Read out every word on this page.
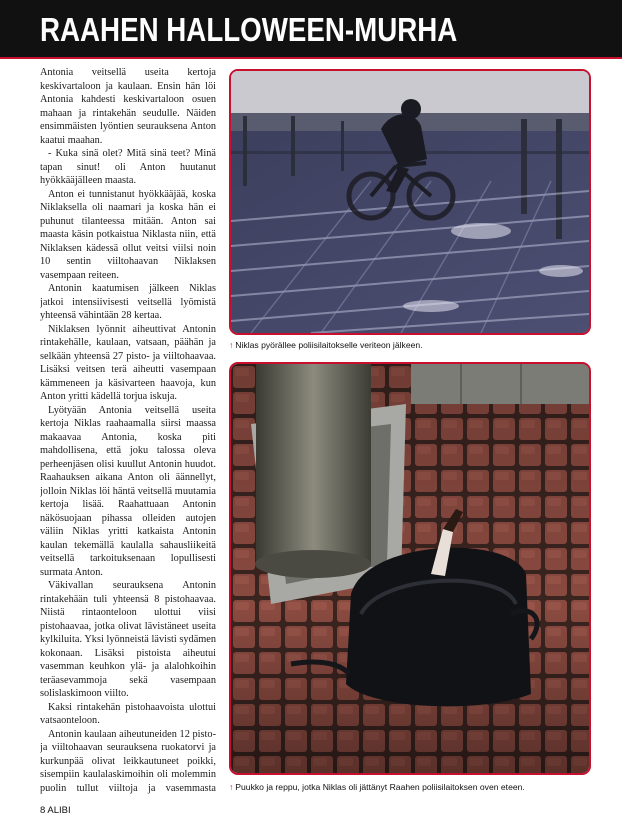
RAAHEN HALLOWEEN-MURHA

Antonia veitsellä useita kertoja keskivartaloon ja kaulaan. Ensin hän löi Antonia kahdesti keskivartaloon osuen mahaan ja rintakehän seudulle. Näiden ensimmäisten lyöntien seurauksena Anton kaatui maahan.

- Kuka sinä olet? Mitä sinä teet? Minä tapan sinut! oli Anton huutanut hyökkääjälleen maasta.

Anton ei tunnistanut hyökkääjää, koska Niklaksella oli naamari ja koska hän ei puhunut tilanteessa mitään. Anton sai maasta käsin potkaistua Niklasta niin, että Niklaksen kädessä ollut veitsi viilsi noin 10 sentin viiltohaavan Niklaksen vasempaan reiteen.

Antonin kaatumisen jälkeen Niklas jatkoi intensiivisesti veitsellä lyömistä yhteensä vähintään 28 kertaa.

Niklaksen lyönnit aiheuttivat Antonin rintakehälle, kaulaan, vatsaan, päähän ja selkään yhteensä 27 pisto- ja viiltohaavaa. Lisäksi veitsen terä aiheutti vasempaan kämmeneen ja käsivarteen haavoja, kun Anton yritti kädellä torjua iskuja.

Lyötyään Antonia veitsellä useita kertoja Niklas raahaamalla siirsi maassa makaavaa Antonia, koska piti mahdollisena, että joku talossa oleva perheenjäsen olisi kuullut Antonin huudot. Raahauksen aikana Anton oli äännellyt, jolloin Niklas löi häntä veitsellä muutamia kertoja lisää. Raahattuaan Antonin näkösuojaan pihassa olleiden autojen väliin Niklas yritti katkaista Antonin kaulan tekemällä kaulalla sahausliikeitä veitsellä tarkoituksenaan lopullisesti surmata Anton.

Väkivallan seurauksena Antonin rintakehään tuli yhteensä 8 pistohaavaa. Niistä rintaonteloon ulottui viisi pistohaavaa, jotka olivat lävistäneet useita kylkiluita. Yksi lyönneistä lävisti sydämen kokonaan. Lisäksi pistoista aiheutui vasemman keuhkon ylä- ja alalohkoihin teräasevammoja sekä vasempaan solislaskimoon viilto.

Kaksi rintakehän pistohaavoista ulottui vatsaonteloon.

Antonin kaulaan aiheutuneiden 12 pisto- ja viiltohaavan seurauksena ruokatorvi ja kurkunpää olivat leikkautuneet poikki, sisempiin kaulalaskimoihin oli molemmin puolin tullut viiltoja ja vasemmasta

↑ Niklas pyörällee poliisilaitokselle veriteon jälkeen.
↑ Puukko ja reppu, jotka Niklas oli jättänyt Raahen poliisilaitoksen oven eteen.
8 ALIBI
